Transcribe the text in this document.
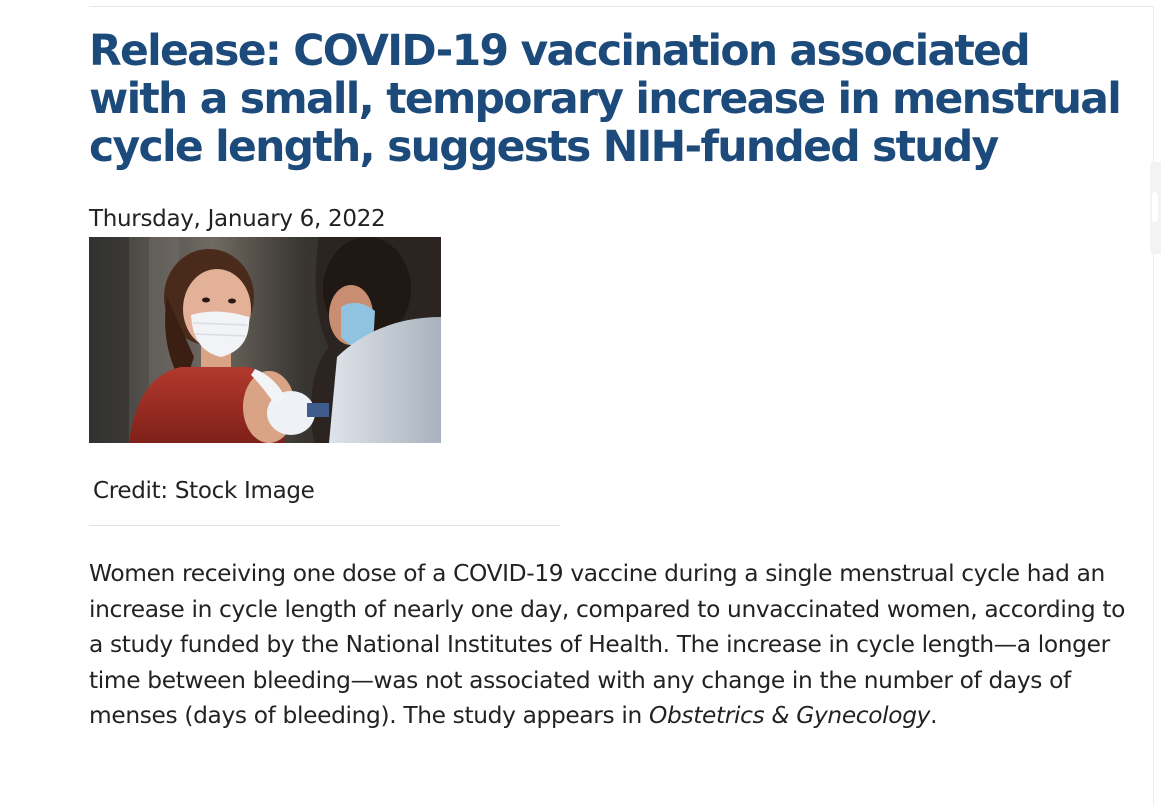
Release: COVID-19 vaccination associated with a small, temporary increase in menstrual cycle length, suggests NIH-funded study
Thursday, January 6, 2022
Credit: Stock Image

Women receiving one dose of a COVID-19 vaccine during a single menstrual cycle had an increase in cycle length of nearly one day, compared to unvaccinated women, according to a study funded by the National Institutes of Health. The increase in cycle length—a longer time between bleeding—was not associated with any change in the number of days of menses (days of bleeding). The study appears in Obstetrics & Gynecology.
